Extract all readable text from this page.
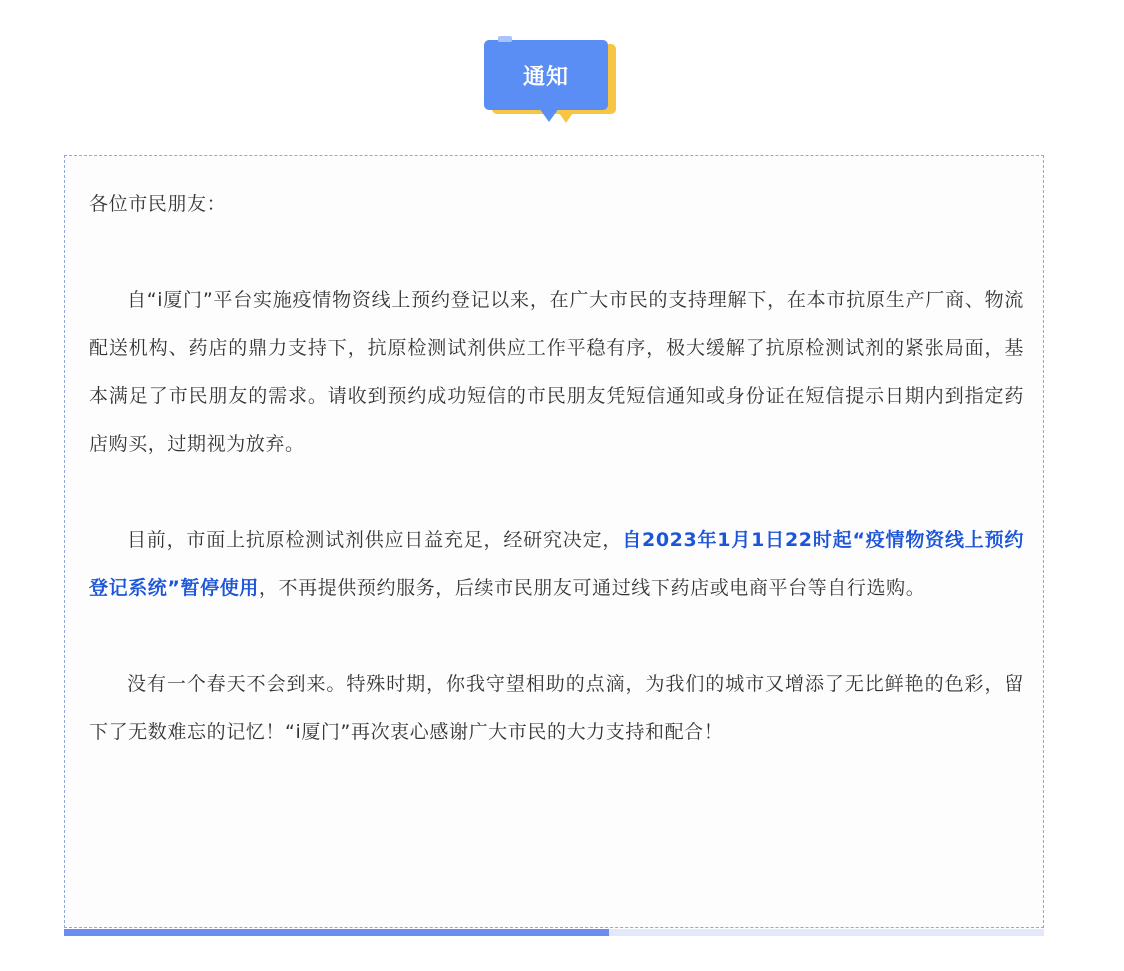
通知

各位市民朋友：

自“i厦门”平台实施疫情物资线上预约登记以来，在广大市民的支持理解下，在本市抗原生产厂商、物流配送机构、药店的鼎力支持下，抗原检测试剂供应工作平稳有序，极大缓解了抗原检测试剂的紧张局面，基本满足了市民朋友的需求。请收到预约成功短信的市民朋友凭短信通知或身份证在短信提示日期内到指定药店购买，过期视为放弃。

目前，市面上抗原检测试剂供应日益充足，经研究决定，自2023年1月1日22时起“疫情物资线上预约登记系统”暂停使用，不再提供预约服务，后续市民朋友可通过线下药店或电商平台等自行选购。

没有一个春天不会到来。特殊时期，你我守望相助的点滴，为我们的城市又增添了无比鲜艳的色彩，留下了无数难忘的记忆！“i厦门”再次衷心感谢广大市民的大力支持和配合！
